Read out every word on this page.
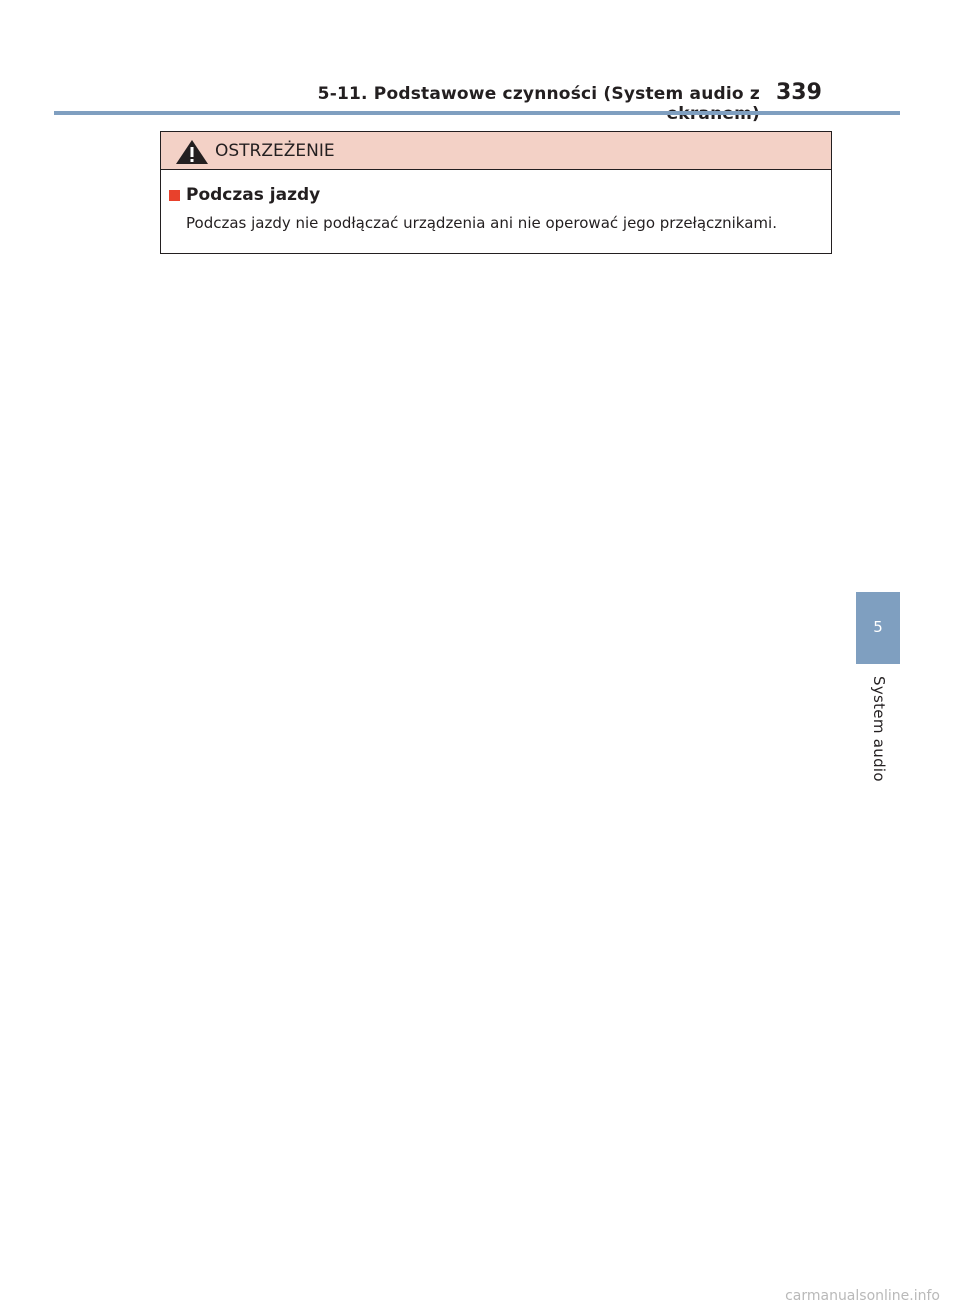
5-11. Podstawowe czynności (System audio z 339
OSTRZEŻENIE
Podczas jazdy
Podczas jazdy nie podłączać urządzenia ani nie operować jego przełącznikami.
5
System audio
carmanualsonline.info
